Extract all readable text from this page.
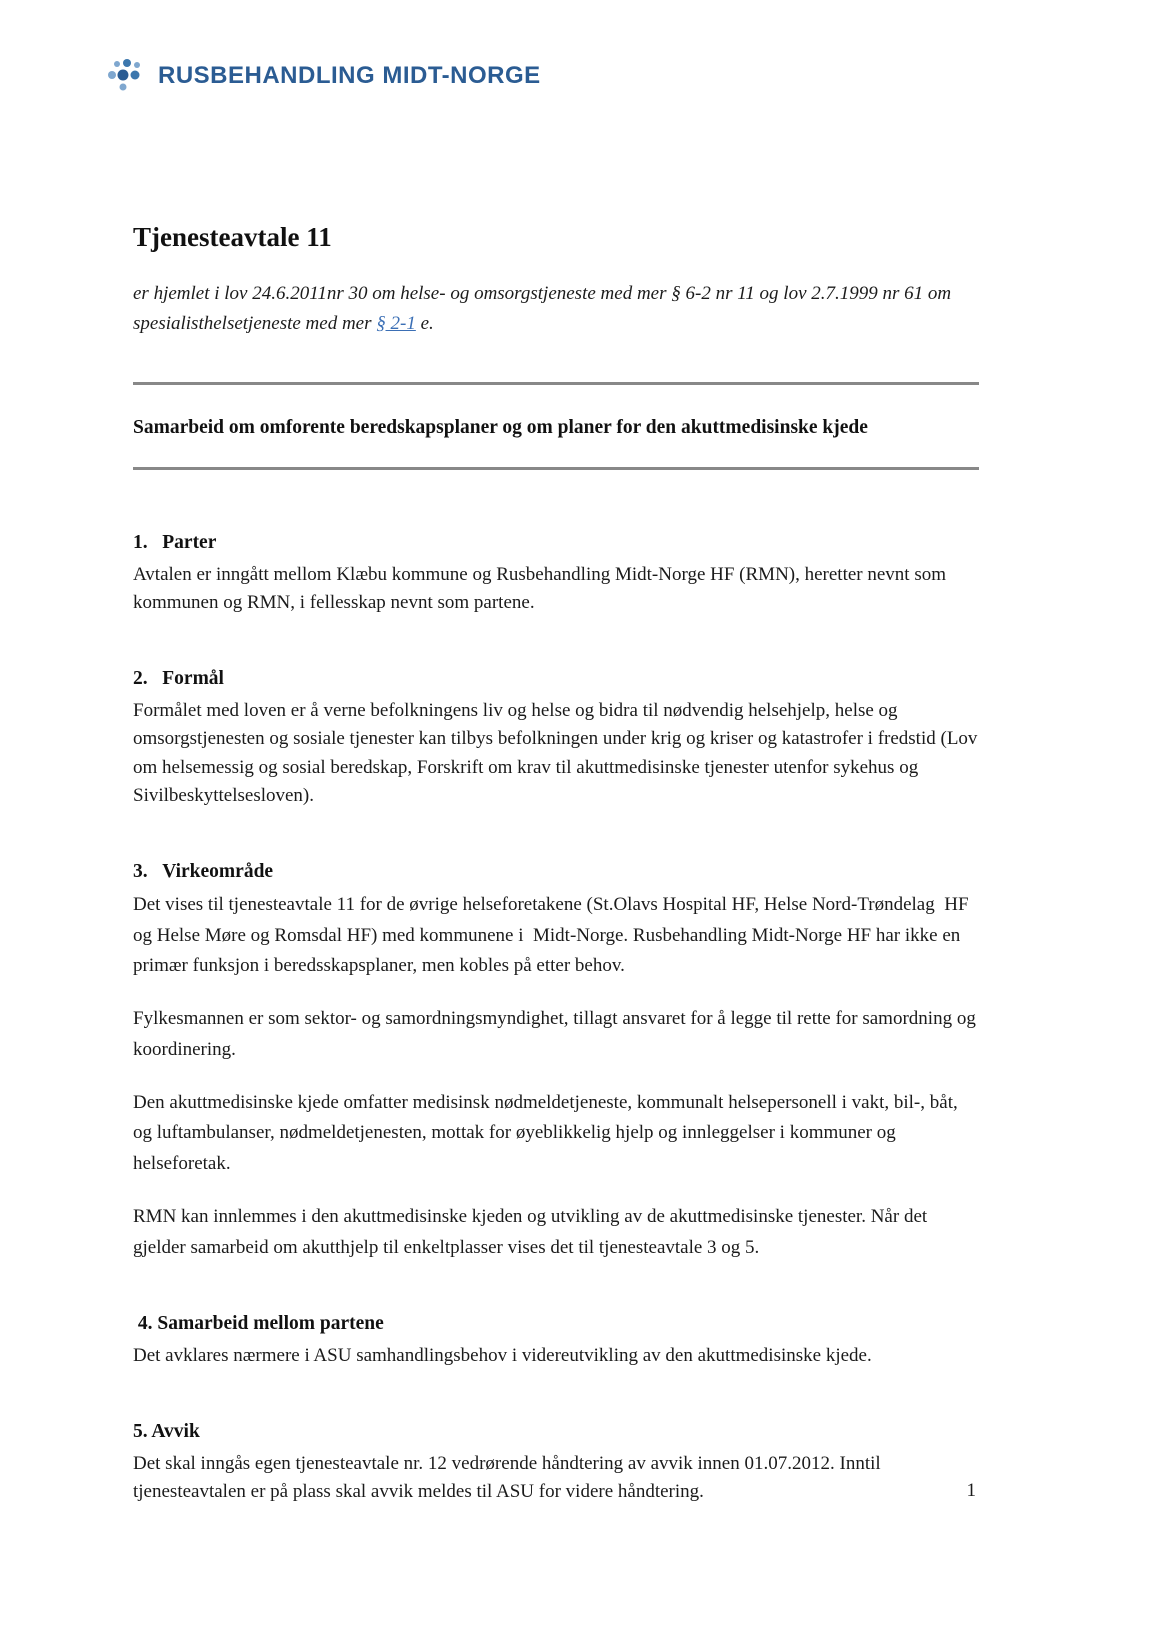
RUSBEHANDLING MIDT-NORGE
Tjenesteavtale 11

er hjemlet i lov 24.6.2011nr 30 om helse- og omsorgstjeneste med mer § 6-2 nr 11 og lov 2.7.1999 nr 61 om spesialisthelsetjeneste med mer § 2-1 e.

Samarbeid om omforente beredskapsplaner og om planer for den akuttmedisinske kjede
1.   Parter

Avtalen er inngått mellom Klæbu kommune og Rusbehandling Midt-Norge HF (RMN), heretter nevnt som kommunen og RMN, i fellesskap nevnt som partene.

2.   Formål

Formålet med loven er å verne befolkningens liv og helse og bidra til nødvendig helsehjelp, helse og omsorgstjenesten og sosiale tjenester kan tilbys befolkningen under krig og kriser og katastrofer i fredstid (Lov om helsemessig og sosial beredskap, Forskrift om krav til akuttmedisinske tjenester utenfor sykehus og Sivilbeskyttelsesloven).

3.   Virkeområde

Det vises til tjenesteavtale 11 for de øvrige helseforetakene (St.Olavs Hospital HF, Helse Nord-Trøndelag  HF og Helse Møre og Romsdal HF) med kommunene i  Midt-Norge. Rusbehandling Midt-Norge HF har ikke en primær funksjon i beredsskapsplaner, men kobles på etter behov.

Fylkesmannen er som sektor- og samordningsmyndighet, tillagt ansvaret for å legge til rette for samordning og koordinering.

Den akuttmedisinske kjede omfatter medisinsk nødmeldetjeneste, kommunalt helsepersonell i vakt, bil-, båt, og luftambulanser, nødmeldetjenesten, mottak for øyeblikkelig hjelp og innleggelser i kommuner og helseforetak.

RMN kan innlemmes i den akuttmedisinske kjeden og utvikling av de akuttmedisinske tjenester. Når det gjelder samarbeid om akutthjelp til enkeltplasser vises det til tjenesteavtale 3 og 5.

4. Samarbeid mellom partene

Det avklares nærmere i ASU samhandlingsbehov i videreutvikling av den akuttmedisinske kjede.

5. Avvik

Det skal inngås egen tjenesteavtale nr. 12 vedrørende håndtering av avvik innen 01.07.2012. Inntil tjenesteavtalen er på plass skal avvik meldes til ASU for videre håndtering.	1
